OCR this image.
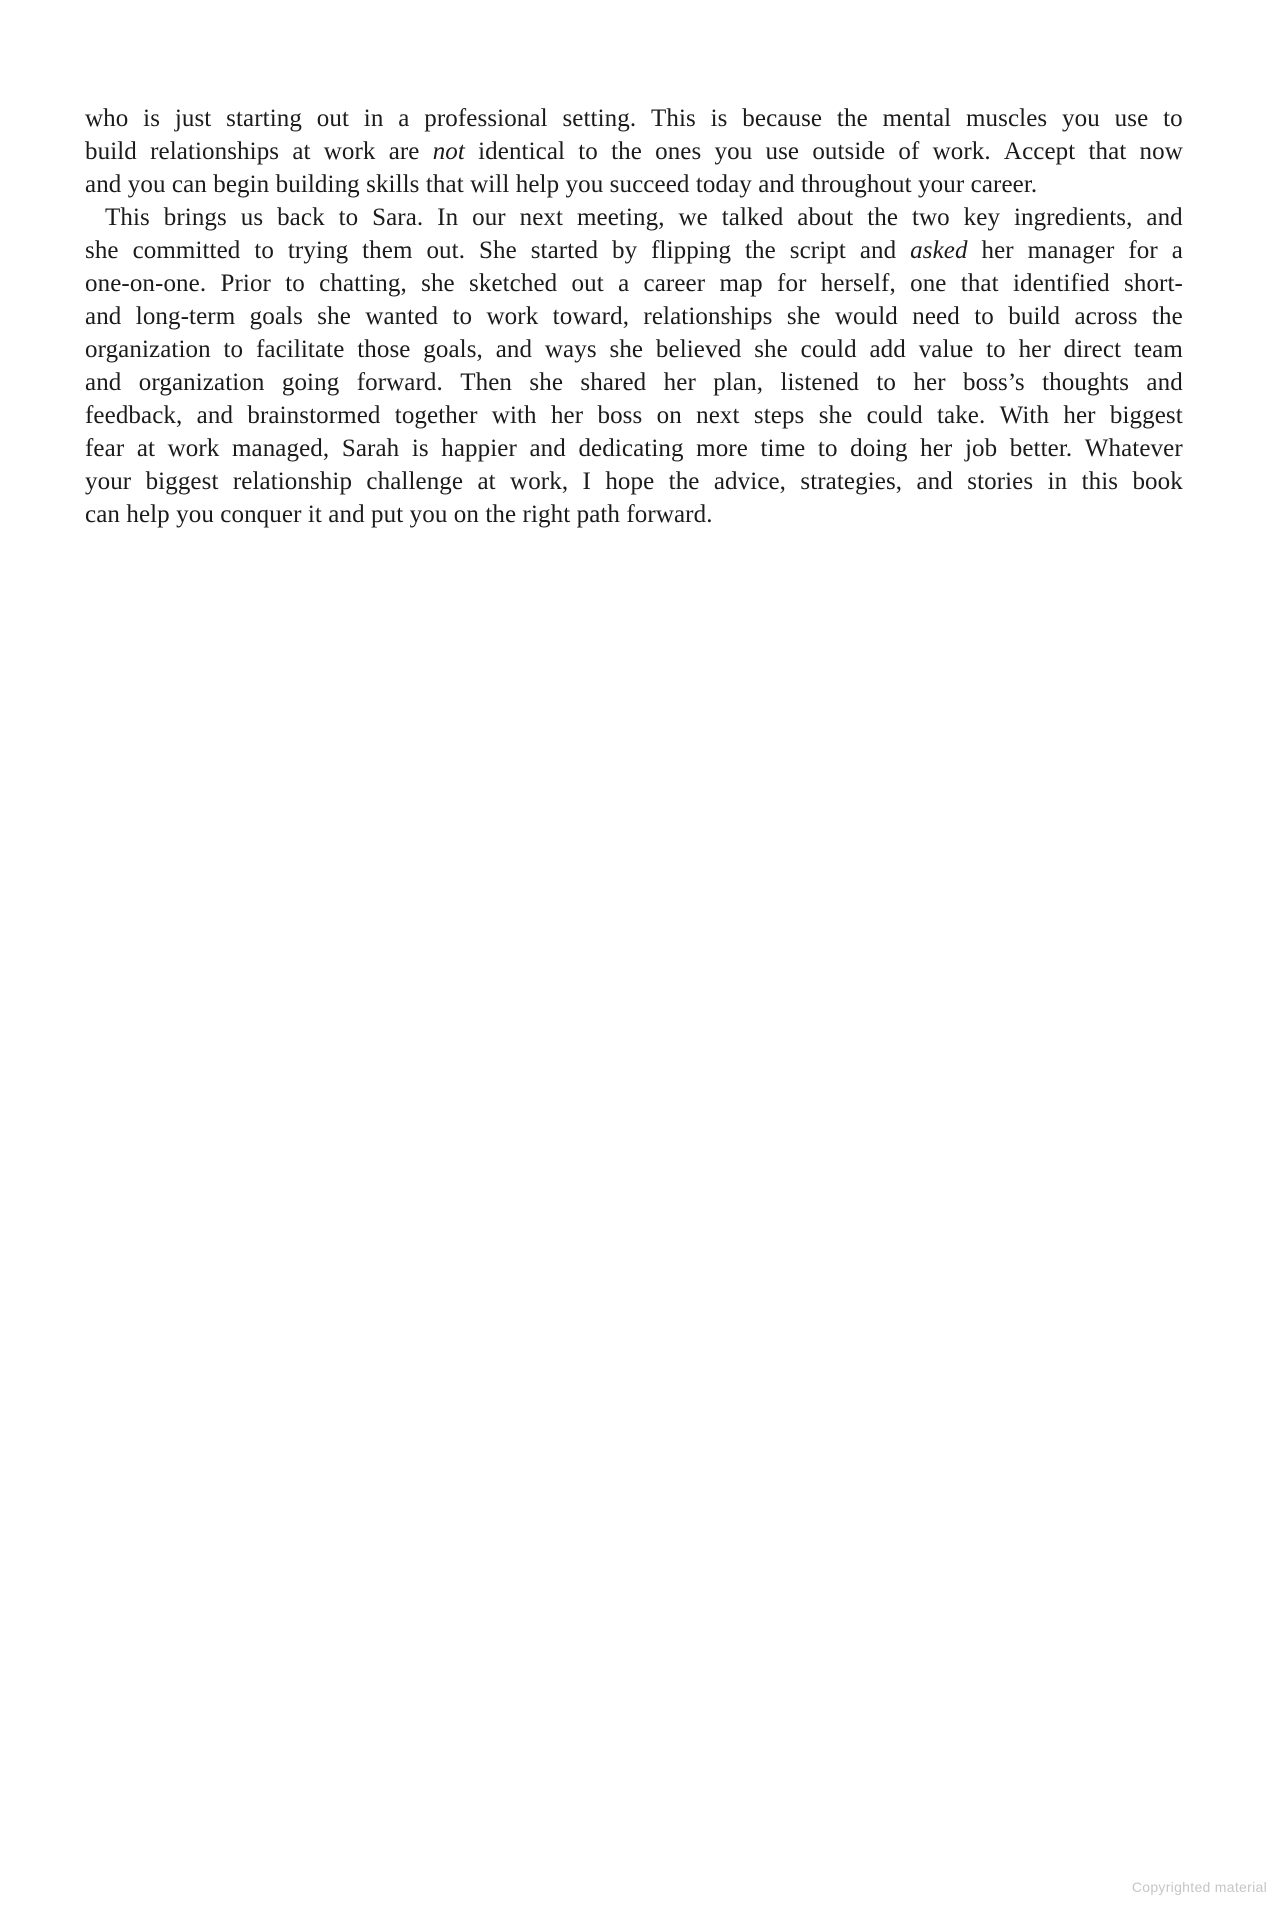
who is just starting out in a professional setting. This is because the mental muscles you use to
build relationships at work are not identical to the ones you use outside of work. Accept that now
and you can begin building skills that will help you succeed today and throughout your career.
This brings us back to Sara. In our next meeting, we talked about the two key ingredients, and
she committed to trying them out. She started by flipping the script and asked her manager for a
one-on-one. Prior to chatting, she sketched out a career map for herself, one that identified short-
and long-term goals she wanted to work toward, relationships she would need to build across the
organization to facilitate those goals, and ways she believed she could add value to her direct team
and organization going forward. Then she shared her plan, listened to her boss’s thoughts and
feedback, and brainstormed together with her boss on next steps she could take. With her biggest
fear at work managed, Sarah is happier and dedicating more time to doing her job better. Whatever
your biggest relationship challenge at work, I hope the advice, strategies, and stories in this book
can help you conquer it and put you on the right path forward.
Copyrighted material
